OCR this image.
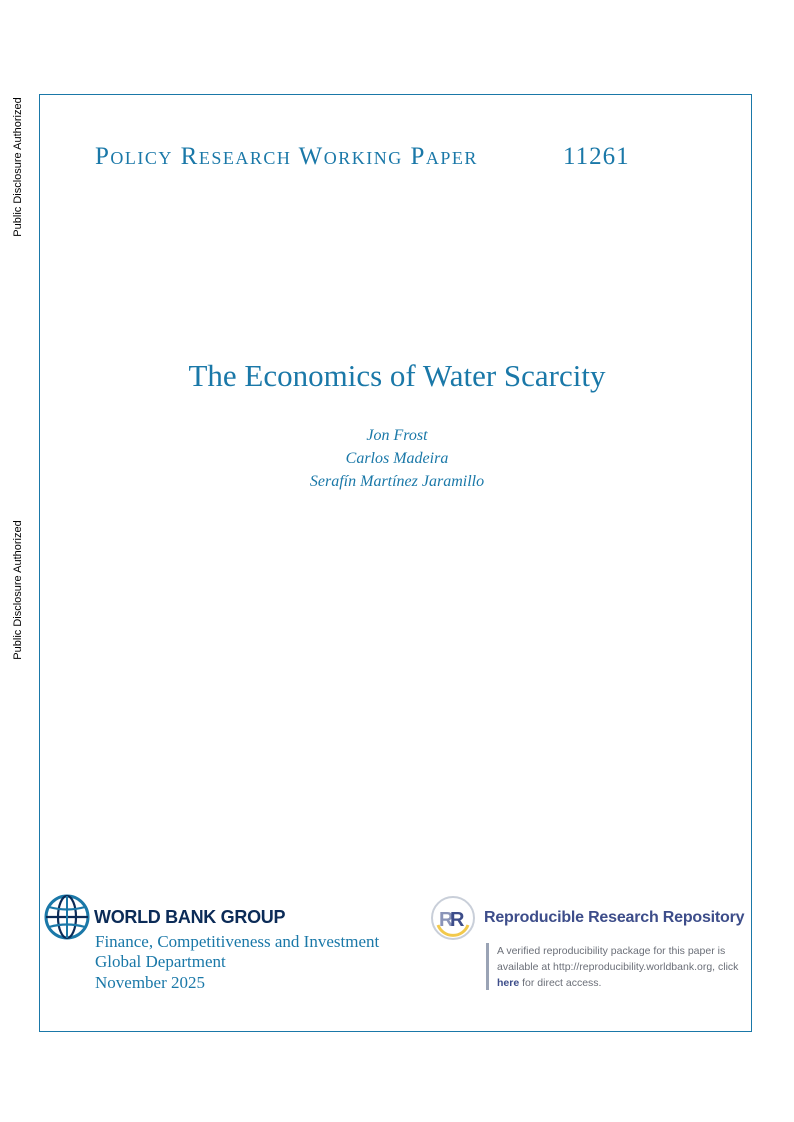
Public Disclosure Authorized
Public Disclosure Authorized
Policy Research Working Paper	11261
The Economics of Water Scarcity
Jon Frost
Carlos Madeira
Serafín Martínez Jaramillo
WORLD BANK GROUP
Finance, Competitiveness and Investment
Global Department
November 2025
R
R Reproducible Research Repository
A verified reproducibility package for this paper is available at http://reproducibility.worldbank.org, click here for direct access.
